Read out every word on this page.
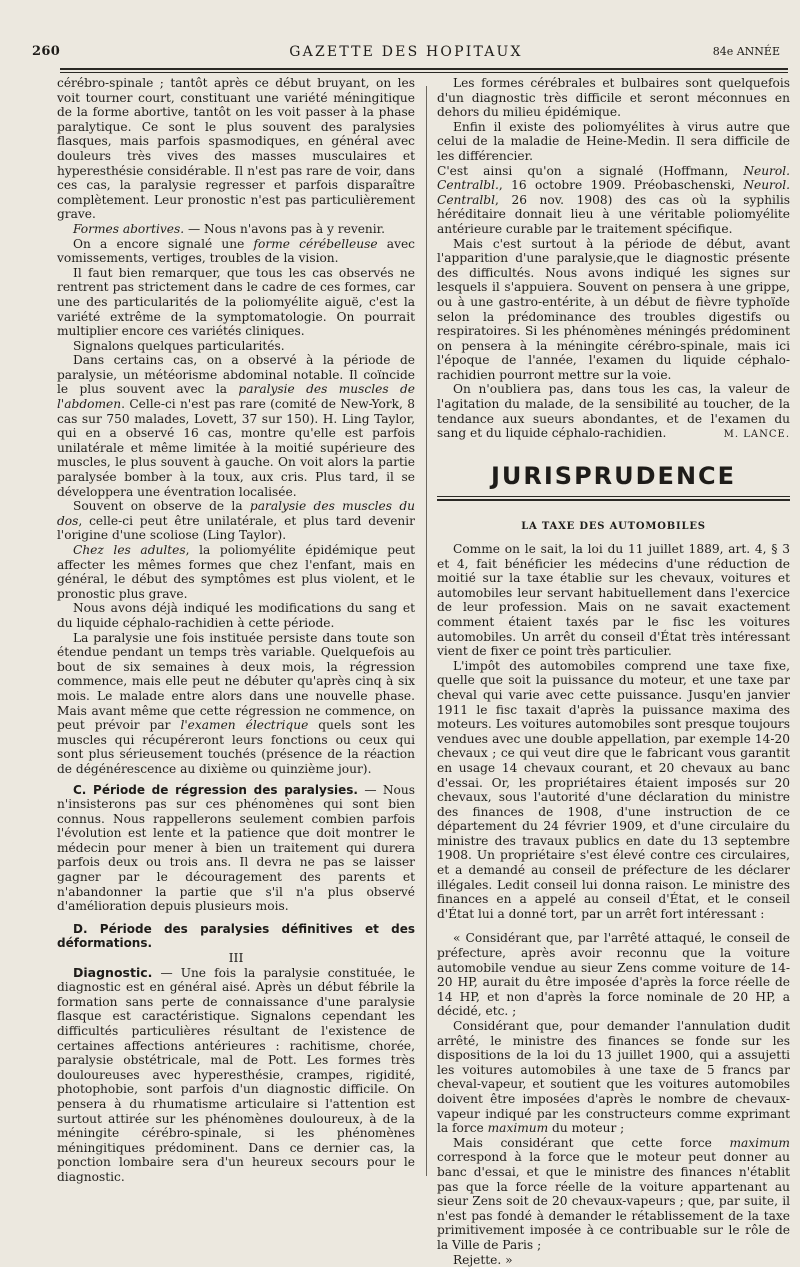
260	GAZETTE DES HOPITAUX	84e ANNÉE

cérébro-spinale ; tantôt après ce début bruyant, on les voit tourner court, constituant une variété méningitique de la forme abortive, tantôt on les voit passer à la phase paralytique. Ce sont le plus souvent des paralysies flasques, mais parfois spasmodiques, en général avec douleurs très vives des masses musculaires et hyperesthésie considérable. Il n'est pas rare de voir, dans ces cas, la paralysie regresser et parfois disparaître complètement. Leur pronostic n'est pas particulièrement grave.

Formes abortives. — Nous n'avons pas à y revenir.

On a encore signalé une forme cérébelleuse avec vomissements, vertiges, troubles de la vision.

Il faut bien remarquer, que tous les cas observés ne rentrent pas strictement dans le cadre de ces formes, car une des particularités de la poliomyélite aiguë, c'est la variété extrême de la symptomatologie. On pourrait multiplier encore ces variétés cliniques.

Signalons quelques particularités.

Dans certains cas, on a observé à la période de paralysie, un météorisme abdominal notable. Il coïncide le plus souvent avec la paralysie des muscles de l'abdomen. Celle-ci n'est pas rare (comité de New-York, 8 cas sur 750 malades, Lovett, 37 sur 150). H. Ling Taylor, qui en a observé 16 cas, montre qu'elle est parfois unilatérale et même limitée à la moitié supérieure des muscles, le plus souvent à gauche. On voit alors la partie paralysée bomber à la toux, aux cris. Plus tard, il se développera une éventration localisée.

Souvent on observe de la paralysie des muscles du dos, celle-ci peut être unilatérale, et plus tard devenir l'origine d'une scoliose (Ling Taylor).

Chez les adultes, la poliomyélite épidémique peut affecter les mêmes formes que chez l'enfant, mais en général, le début des symptômes est plus violent, et le pronostic plus grave.

Nous avons déjà indiqué les modifications du sang et du liquide céphalo-rachidien à cette période.

La paralysie une fois instituée persiste dans toute son étendue pendant un temps très variable. Quelquefois au bout de six semaines à deux mois, la régression commence, mais elle peut ne débuter qu'après cinq à six mois. Le malade entre alors dans une nouvelle phase. Mais avant même que cette régression ne commence, on peut prévoir par l'examen électrique quels sont les muscles qui récupéreront leurs fonctions ou ceux qui sont plus sérieusement touchés (présence de la réaction de dégénérescence au dixième ou quinzième jour).

C. Période de régression des paralysies. — Nous n'insisterons pas sur ces phénomènes qui sont bien connus. Nous rappellerons seulement combien parfois l'évolution est lente et la patience que doit montrer le médecin pour mener à bien un traitement qui durera parfois deux ou trois ans. Il devra ne pas se laisser gagner par le découragement des parents et n'abandonner la partie que s'il n'a plus observé d'amélioration depuis plusieurs mois.

D. Période des paralysies définitives et des déformations.

III

Diagnostic. — Une fois la paralysie constituée, le diagnostic est en général aisé. Après un début fébrile la formation sans perte de connaissance d'une paralysie flasque est caractéristique. Signalons cependant les difficultés particulières résultant de l'existence de certaines affections antérieures : rachitisme, chorée, paralysie obstétricale, mal de Pott. Les formes très douloureuses avec hyperesthésie, crampes, rigidité, photophobie, sont parfois d'un diagnostic difficile. On pensera à du rhumatisme articulaire si l'attention est surtout attirée sur les phénomènes douloureux, à de la méningite cérébro-spinale, si les phénomènes méningitiques prédominent. Dans ce dernier cas, la ponction lombaire sera d'un heureux secours pour le diagnostic.

Les formes cérébrales et bulbaires sont quelquefois d'un diagnostic très difficile et seront méconnues en dehors du milieu épidémique.

Enfin il existe des poliomyélites à virus autre que celui de la maladie de Heine-Medin. Il sera difficile de les différencier.

C'est ainsi qu'on a signalé (Hoffmann, Neurol. Centralbl., 16 octobre 1909. Préobaschenski, Neurol. Centralbl, 26 nov. 1908) des cas où la syphilis héréditaire donnait lieu à une véritable poliomyélite antérieure curable par le traitement spécifique.

Mais c'est surtout à la période de début, avant l'apparition d'une paralysie,que le diagnostic présente des difficultés. Nous avons indiqué les signes sur lesquels il s'appuiera. Souvent on pensera à une grippe, ou à une gastro-entérite, à un début de fièvre typhoïde selon la prédominance des troubles digestifs ou respiratoires. Si les phénomènes méningés prédominent on pensera à la méningite cérébro-spinale, mais ici l'époque de l'année, l'examen du liquide céphalo-rachidien pourront mettre sur la voie.

On n'oubliera pas, dans tous les cas, la valeur de l'agitation du malade, de la sensibilité au toucher, de la tendance aux sueurs abondantes, et de l'examen du sang et du liquide céphalo-rachidien.	M. LANCE.

JURISPRUDENCE
LA TAXE DES AUTOMOBILES

Comme on le sait, la loi du 11 juillet 1889, art. 4, § 3 et 4, fait bénéficier les médecins d'une réduction de moitié sur la taxe établie sur les chevaux, voitures et automobiles leur servant habituellement dans l'exercice de leur profession. Mais on ne savait exactement comment étaient taxés par le fisc les voitures automobiles. Un arrêt du conseil d'État très intéressant vient de fixer ce point très particulier.

L'impôt des automobiles comprend une taxe fixe, quelle que soit la puissance du moteur, et une taxe par cheval qui varie avec cette puissance. Jusqu'en janvier 1911 le fisc taxait d'après la puissance maxima des moteurs. Les voitures automobiles sont presque toujours vendues avec une double appellation, par exemple 14-20 chevaux ; ce qui veut dire que le fabricant vous garantit en usage 14 chevaux courant, et 20 chevaux au banc d'essai. Or, les propriétaires étaient imposés sur 20 chevaux, sous l'autorité d'une déclaration du ministre des finances de 1908, d'une instruction de ce département du 24 février 1909, et d'une circulaire du ministre des travaux publics en date du 13 septembre 1908. Un propriétaire s'est élevé contre ces circulaires, et a demandé au conseil de préfecture de les déclarer illégales. Ledit conseil lui donna raison. Le ministre des finances en a appelé au conseil d'État, et le conseil d'État lui a donné tort, par un arrêt fort intéressant :

« Considérant que, par l'arrêté attaqué, le conseil de préfecture, après avoir reconnu que la voiture automobile vendue au sieur Zens comme voiture de 14-20 HP, aurait du être imposée d'après la force réelle de 14 HP, et non d'après la force nominale de 20 HP, a décidé, etc. ;

Considérant que, pour demander l'annulation dudit arrêté, le ministre des finances se fonde sur les dispositions de la loi du 13 juillet 1900, qui a assujetti les voitures automobiles à une taxe de 5 francs par cheval-vapeur, et soutient que les voitures automobiles doivent être imposées d'après le nombre de chevaux-vapeur indiqué par les constructeurs comme exprimant la force maximum du moteur ;

Mais considérant que cette force maximum correspond à la force que le moteur peut donner au banc d'essai, et que le ministre des finances n'établit pas que la force réelle de la voiture appartenant au sieur Zens soit de 20 chevaux-vapeurs ; que, par suite, il n'est pas fondé à demander le rétablissement de la taxe primitivement imposée à ce contribuable sur le rôle de la Ville de Paris ;

Rejette. »
